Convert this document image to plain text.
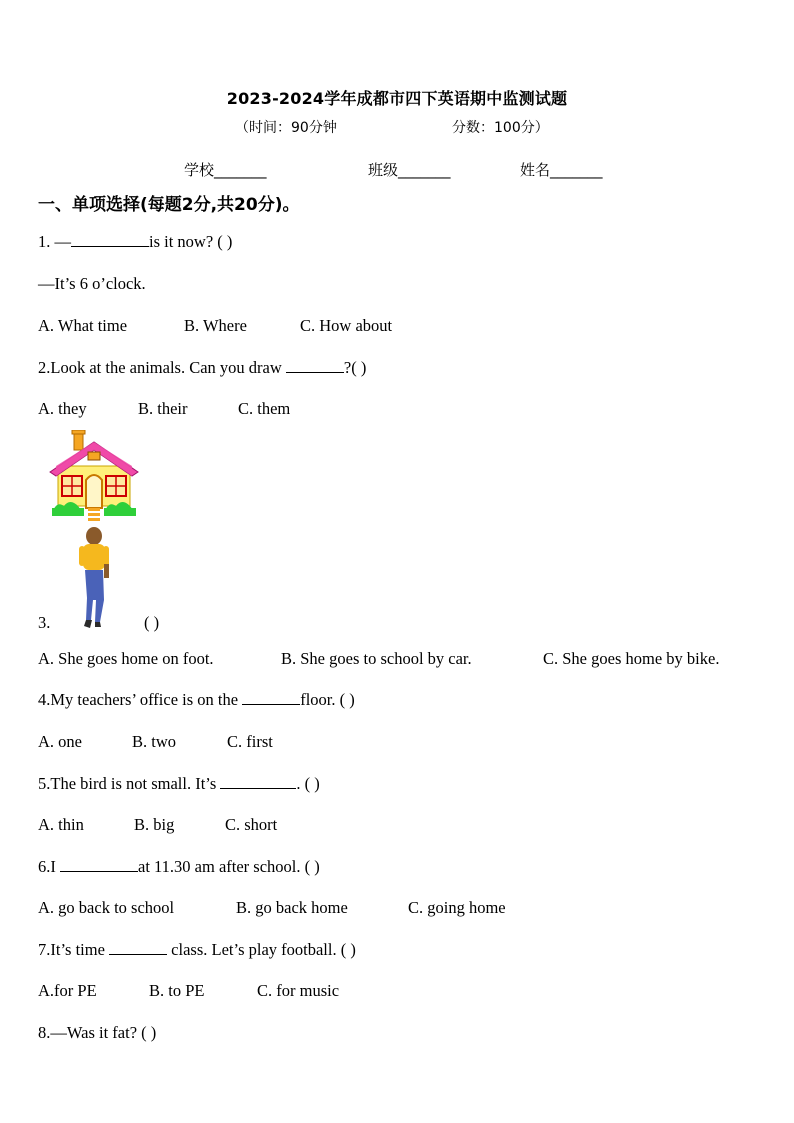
2023-2024学年成都市四下英语期中监测试题
（时间：90分钟	分数：100分）
学校_______	班级_______	姓名_______
一、单项选择(每题2分,共20分)。
1. —	is it now? ( )
—It’s 6 o’clock.
A. What time	B. Where	C. How about
2.Look at the animals. Can you draw	?( )
A. they	B. their	C. them
3.	( )
A. She goes home on foot.	B. She goes to school by car.	C. She goes home by bike.
4.My teachers’ office is on the	floor. ( )
A. one	B. two	C. first
5.The bird is not small. It’s	. ( )
A. thin	B. big	C. short
6.I	at 11.30 am after school. ( )
A. go back to school	B. go back home	C. going home
7.It’s time	class. Let’s play football. ( )
A.for PE	B. to PE	C. for music
8.—Was it fat? ( )
